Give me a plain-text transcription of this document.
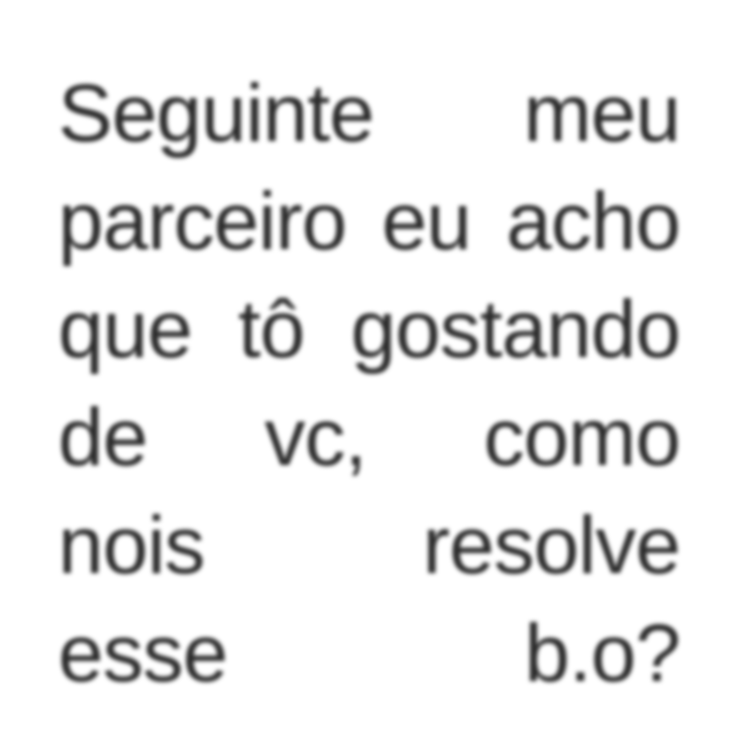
Seguinte meu
parceiro eu acho
que tô gostando
de vc, como
nois	resolve
esse	b.o?
